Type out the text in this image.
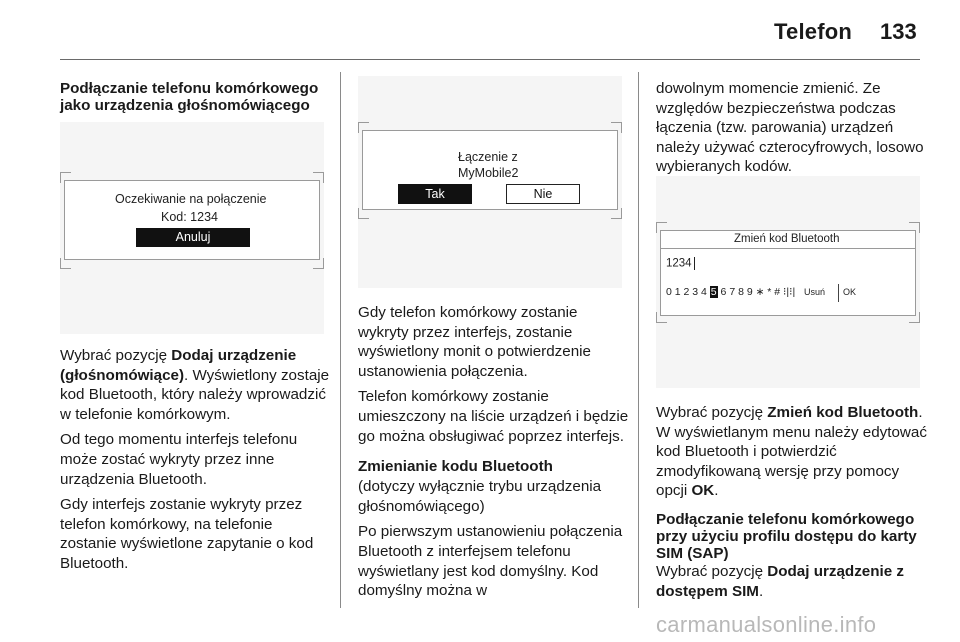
Telefon 133
Podłączanie telefonu komórkowego jako urządzenia głośnomówiącego
Oczekiwanie na połączenie
Kod: 1234
Anuluj

Wybrać pozycję Dodaj urządzenie (głośnomówiące). Wyświetlony zostaje kod Bluetooth, który należy wprowadzić w telefonie komórkowym.

Od tego momentu interfejs telefonu może zostać wykryty przez inne urządzenia Bluetooth.

Gdy interfejs zostanie wykryty przez telefon komórkowy, na telefonie zostanie wyświetlone zapytanie o kod Bluetooth.

Łączenie z
MyMobile2
Tak	Nie

Gdy telefon komórkowy zostanie wykryty przez interfejs, zostanie wyświetlony monit o potwierdzenie ustanowienia połączenia.

Telefon komórkowy zostanie umieszczony na liście urządzeń i będzie go można obsługiwać poprzez interfejs.

Zmienianie kodu Bluetooth

(dotyczy wyłącznie trybu urządzenia głośnomówiącego)

Po pierwszym ustanowieniu połączenia Bluetooth z interfejsem telefonu wyświetlany jest kod domyślny. Kod domyślny można w

dowolnym momencie zmienić. Ze względów bezpieczeństwa podczas łączenia (tzw. parowania) urządzeń należy używać czterocyfrowych, losowo wybieranych kodów.

Zmień kod Bluetooth
1234
0 1 2 3 4 5 6 7 8 9 ∗ * # ⁝|⁝| Usuń OK

Wybrać pozycję Zmień kod Bluetooth. W wyświetlanym menu należy edytować kod Bluetooth i potwierdzić zmodyfikowaną wersję przy pomocy opcji OK.

Podłączanie telefonu komórkowego przy użyciu profilu dostępu do karty SIM (SAP)

Wybrać pozycję Dodaj urządzenie z dostępem SIM.

carmanualsonline.info
